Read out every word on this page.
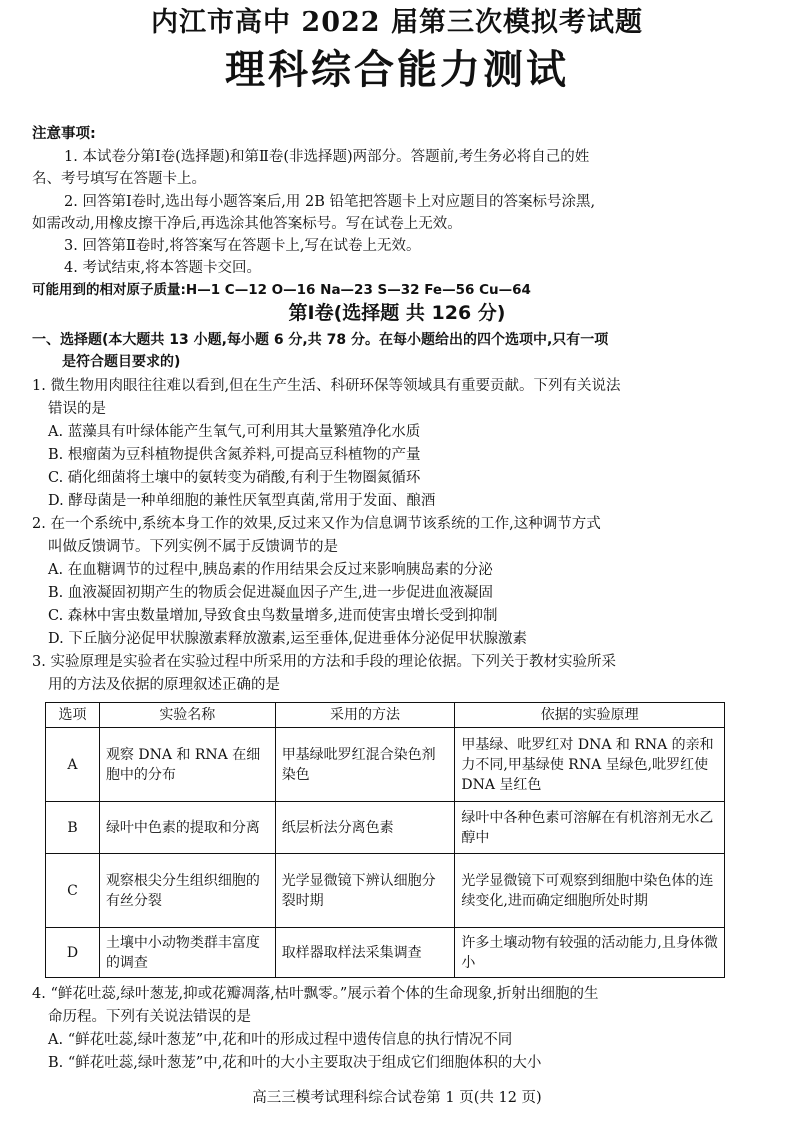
内江市高中 2022 届第三次模拟考试题
理科综合能力测试
注意事项:
1. 本试卷分第Ⅰ卷(选择题)和第Ⅱ卷(非选择题)两部分。答题前,考生务必将自己的姓
名、考号填写在答题卡上。
2. 回答第Ⅰ卷时,选出每小题答案后,用 2B 铅笔把答题卡上对应题目的答案标号涂黑,
如需改动,用橡皮擦干净后,再选涂其他答案标号。写在试卷上无效。
3. 回答第Ⅱ卷时,将答案写在答题卡上,写在试卷上无效。
4. 考试结束,将本答题卡交回。
可能用到的相对原子质量:H—1 C—12 O—16 Na—23 S—32 Fe—56 Cu—64
第Ⅰ卷(选择题 共 126 分)
一、选择题(本大题共 13 小题,每小题 6 分,共 78 分。在每小题给出的四个选项中,只有一项
是符合题目要求的)
1. 微生物用肉眼往往难以看到,但在生产生活、科研环保等领域具有重要贡献。下列有关说法
错误的是
A. 蓝藻具有叶绿体能产生氧气,可利用其大量繁殖净化水质
B. 根瘤菌为豆科植物提供含氮养料,可提高豆科植物的产量
C. 硝化细菌将土壤中的氨转变为硝酸,有利于生物圈氮循环
D. 酵母菌是一种单细胞的兼性厌氧型真菌,常用于发面、酿酒
2. 在一个系统中,系统本身工作的效果,反过来又作为信息调节该系统的工作,这种调节方式
叫做反馈调节。下列实例不属于反馈调节的是
A. 在血糖调节的过程中,胰岛素的作用结果会反过来影响胰岛素的分泌
B. 血液凝固初期产生的物质会促进凝血因子产生,进一步促进血液凝固
C. 森林中害虫数量增加,导致食虫鸟数量增多,进而使害虫增长受到抑制
D. 下丘脑分泌促甲状腺激素释放激素,运至垂体,促进垂体分泌促甲状腺激素
3. 实验原理是实验者在实验过程中所采用的方法和手段的理论依据。下列关于教材实验所采
用的方法及依据的原理叙述正确的是
选项	实验名称	采用的方法	依据的实验原理
A	观察 DNA 和 RNA 在细胞中的分布	甲基绿吡罗红混合染色剂染色	甲基绿、吡罗红对 DNA 和 RNA 的亲和力不同,甲基绿使 RNA 呈绿色,吡罗红使 DNA 呈红色
B	绿叶中色素的提取和分离	纸层析法分离色素	绿叶中各种色素可溶解在有机溶剂无水乙醇中
C	观察根尖分生组织细胞的有丝分裂	光学显微镜下辨认细胞分裂时期	光学显微镜下可观察到细胞中染色体的连续变化,进而确定细胞所处时期
D	土壤中小动物类群丰富度的调查	取样器取样法采集调查	许多土壤动物有较强的活动能力,且身体微小
4. “鲜花吐蕊,绿叶葱茏,抑或花瓣凋落,枯叶飘零。”展示着个体的生命现象,折射出细胞的生
命历程。下列有关说法错误的是
A. “鲜花吐蕊,绿叶葱茏”中,花和叶的形成过程中遗传信息的执行情况不同
B. “鲜花吐蕊,绿叶葱茏”中,花和叶的大小主要取决于组成它们细胞体积的大小
高三三模考试理科综合试卷第 1 页(共 12 页)
